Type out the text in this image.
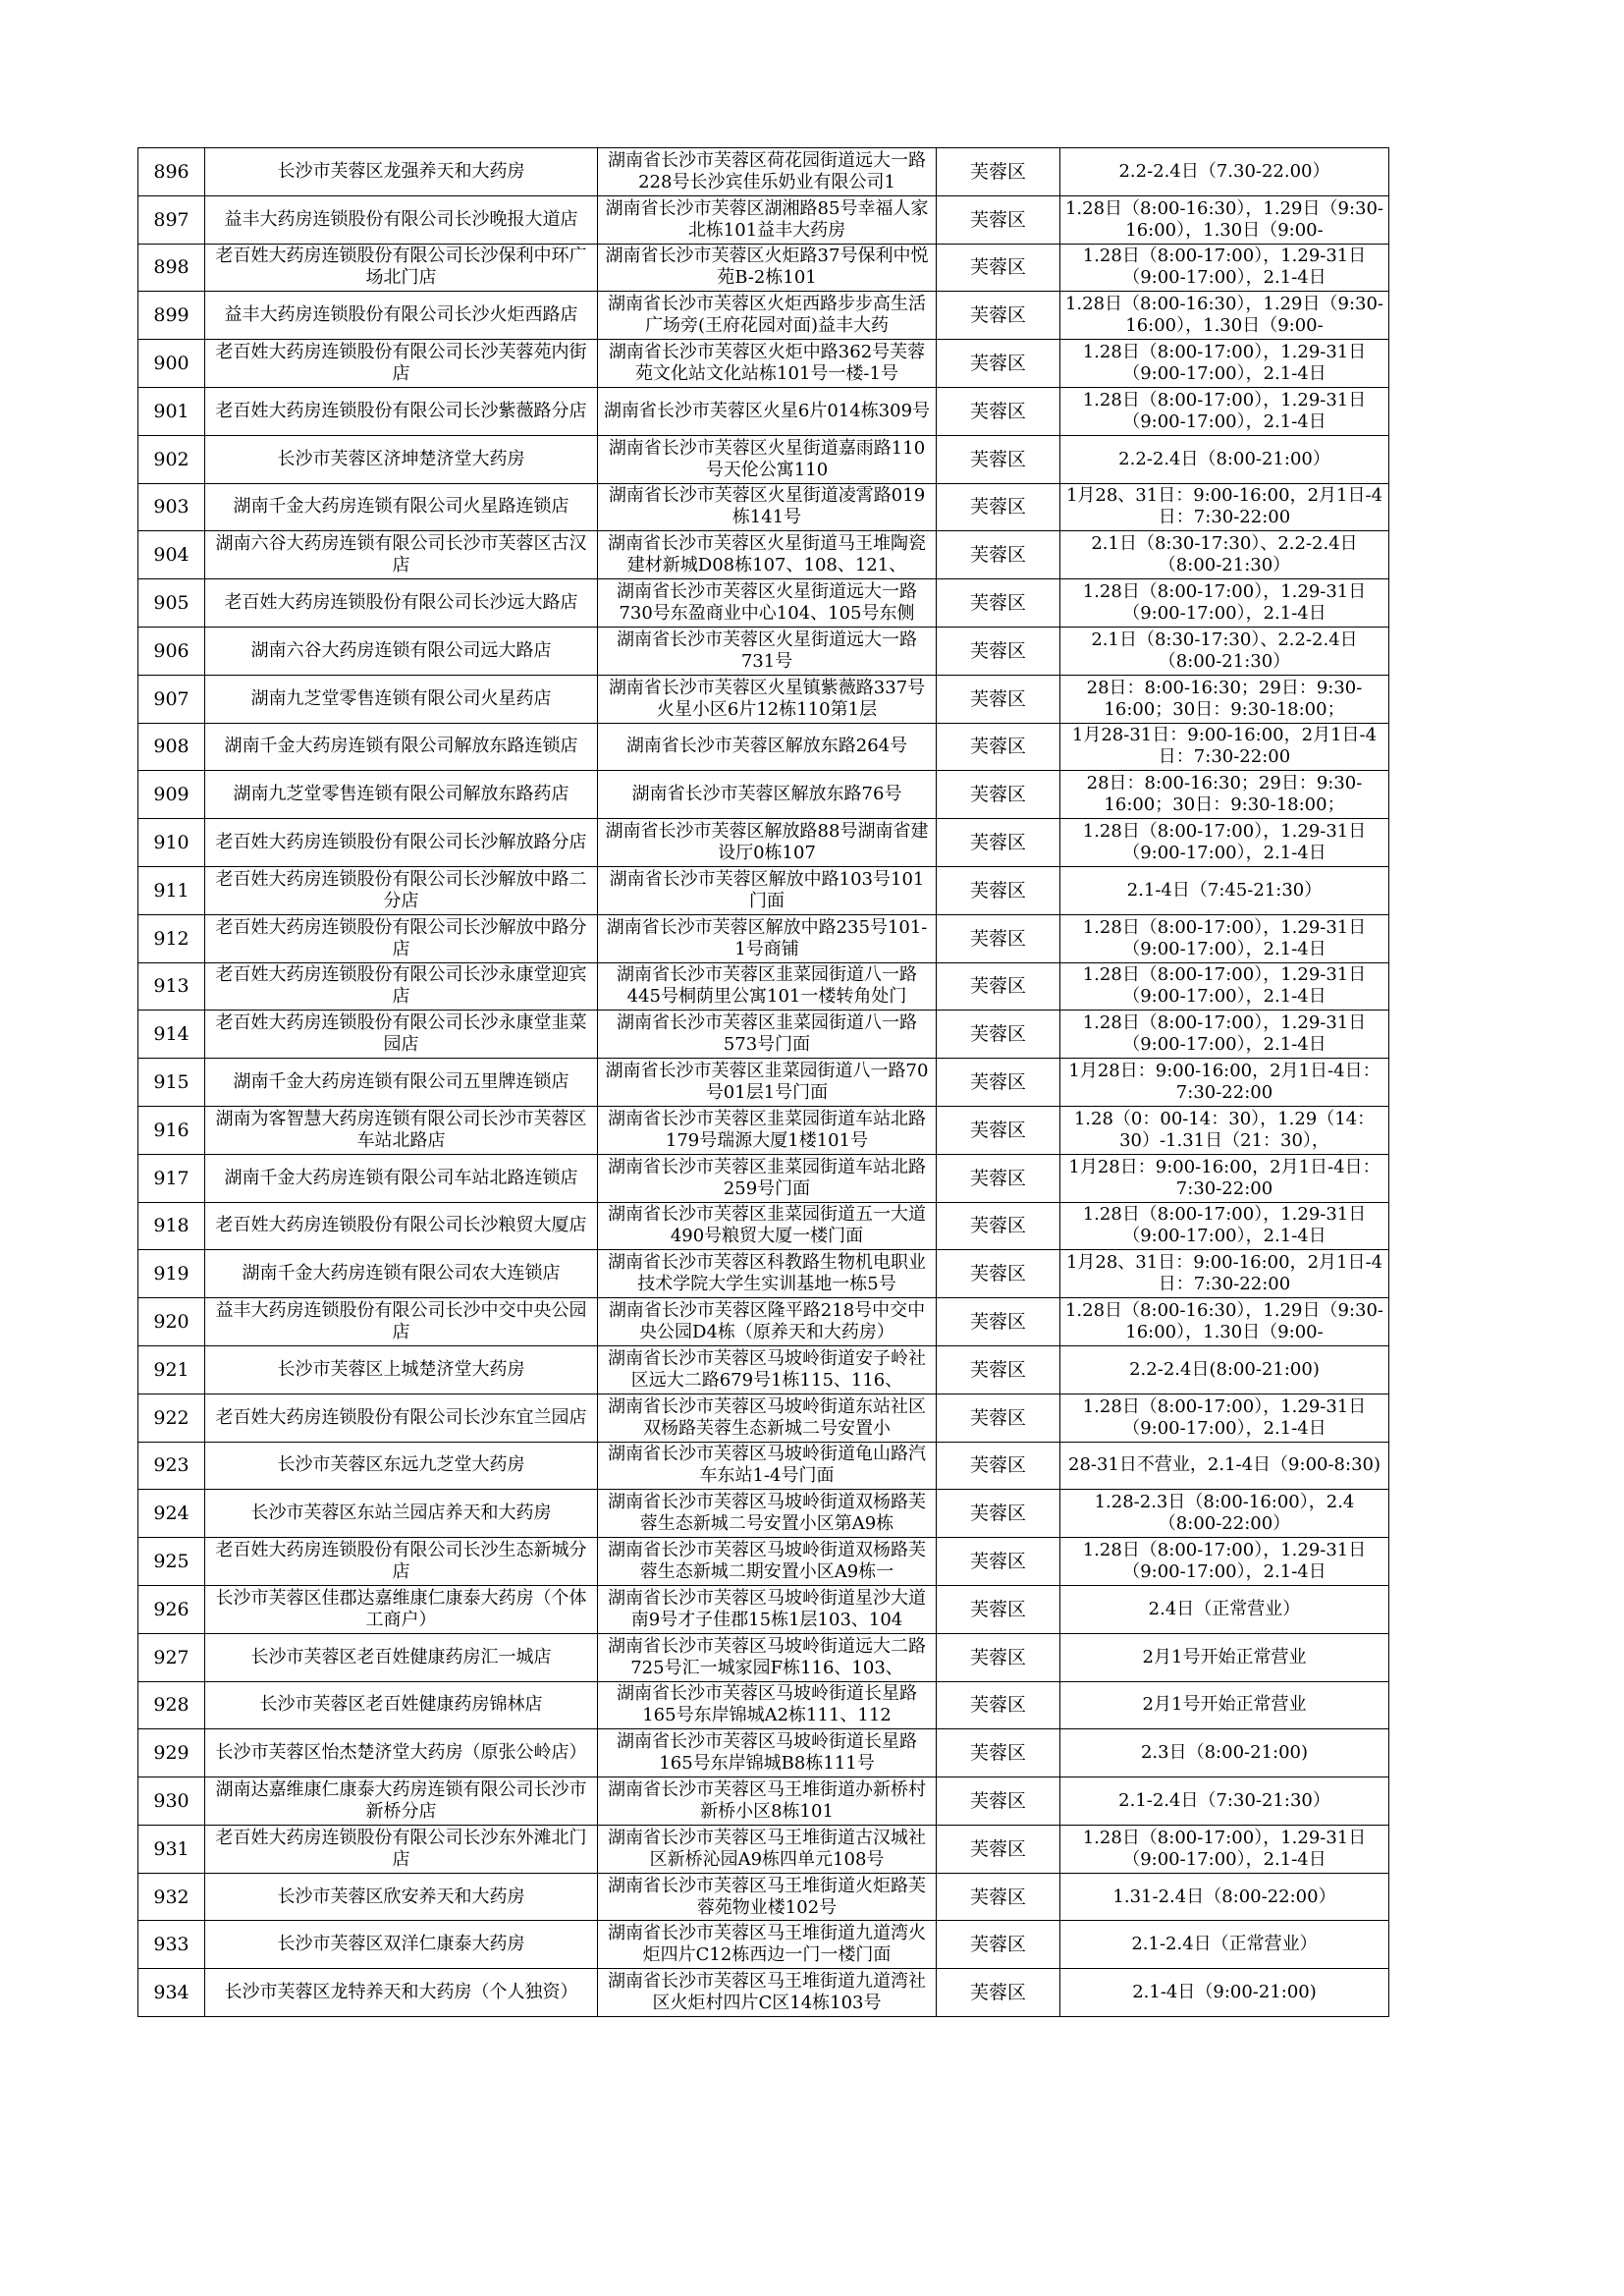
896	长沙市芙蓉区龙强养天和大药房	湖南省长沙市芙蓉区荷花园街道远大一路228号长沙宾佳乐奶业有限公司1	芙蓉区	2.2-2.4日（7.30-22.00）

897	益丰大药房连锁股份有限公司长沙晚报大道店	湖南省长沙市芙蓉区湖湘路85号幸福人家北栋101益丰大药房	芙蓉区	1.28日（8:00-16:30），1.29日（9:30-16:00），1.30日（9:00-

898	老百姓大药房连锁股份有限公司长沙保利中环广场北门店	湖南省长沙市芙蓉区火炬路37号保利中悦苑B-2栋101	芙蓉区	1.28日（8:00-17:00），1.29-31日（9:00-17:00），2.1-4日

899	益丰大药房连锁股份有限公司长沙火炬西路店	湖南省长沙市芙蓉区火炬西路步步高生活广场旁(王府花园对面)益丰大药	芙蓉区	1.28日（8:00-16:30），1.29日（9:30-16:00），1.30日（9:00-

900	老百姓大药房连锁股份有限公司长沙芙蓉苑内街店	湖南省长沙市芙蓉区火炬中路362号芙蓉苑文化站文化站栋101号一楼-1号	芙蓉区	1.28日（8:00-17:00），1.29-31日（9:00-17:00），2.1-4日

901	老百姓大药房连锁股份有限公司长沙紫薇路分店	湖南省长沙市芙蓉区火星6片014栋309号	芙蓉区	1.28日（8:00-17:00），1.29-31日（9:00-17:00），2.1-4日

902	长沙市芙蓉区济坤楚济堂大药房	湖南省长沙市芙蓉区火星街道嘉雨路110号天伦公寓110	芙蓉区	2.2-2.4日（8:00-21:00）

903	湖南千金大药房连锁有限公司火星路连锁店	湖南省长沙市芙蓉区火星街道凌霄路019栋141号	芙蓉区	1月28、31日：9:00-16:00，2月1日-4日：7:30-22:00

904	湖南六谷大药房连锁有限公司长沙市芙蓉区古汉店	湖南省长沙市芙蓉区火星街道马王堆陶瓷建材新城D08栋107、108、121、	芙蓉区	2.1日（8:30-17:30）、2.2-2.4日（8:00-21:30）

905	老百姓大药房连锁股份有限公司长沙远大路店	湖南省长沙市芙蓉区火星街道远大一路730号东盈商业中心104、105号东侧	芙蓉区	1.28日（8:00-17:00），1.29-31日（9:00-17:00），2.1-4日

906	湖南六谷大药房连锁有限公司远大路店	湖南省长沙市芙蓉区火星街道远大一路731号	芙蓉区	2.1日（8:30-17:30）、2.2-2.4日（8:00-21:30）

907	湖南九芝堂零售连锁有限公司火星药店	湖南省长沙市芙蓉区火星镇紫薇路337号火星小区6片12栋110第1层	芙蓉区	28日：8:00-16:30；29日：9:30-16:00；30日：9:30-18:00；

908	湖南千金大药房连锁有限公司解放东路连锁店	湖南省长沙市芙蓉区解放东路264号	芙蓉区	1月28-31日：9:00-16:00，2月1日-4日：7:30-22:00

909	湖南九芝堂零售连锁有限公司解放东路药店	湖南省长沙市芙蓉区解放东路76号	芙蓉区	28日：8:00-16:30；29日：9:30-16:00；30日：9:30-18:00；

910	老百姓大药房连锁股份有限公司长沙解放路分店	湖南省长沙市芙蓉区解放路88号湖南省建设厅0栋107	芙蓉区	1.28日（8:00-17:00），1.29-31日（9:00-17:00），2.1-4日

911	老百姓大药房连锁股份有限公司长沙解放中路二分店	湖南省长沙市芙蓉区解放中路103号101门面	芙蓉区	2.1-4日（7:45-21:30）

912	老百姓大药房连锁股份有限公司长沙解放中路分店	湖南省长沙市芙蓉区解放中路235号101-1号商铺	芙蓉区	1.28日（8:00-17:00），1.29-31日（9:00-17:00），2.1-4日

913	老百姓大药房连锁股份有限公司长沙永康堂迎宾店	湖南省长沙市芙蓉区韭菜园街道八一路445号桐荫里公寓101一楼转角处门	芙蓉区	1.28日（8:00-17:00），1.29-31日（9:00-17:00），2.1-4日

914	老百姓大药房连锁股份有限公司长沙永康堂韭菜园店	湖南省长沙市芙蓉区韭菜园街道八一路573号门面	芙蓉区	1.28日（8:00-17:00），1.29-31日（9:00-17:00），2.1-4日

915	湖南千金大药房连锁有限公司五里牌连锁店	湖南省长沙市芙蓉区韭菜园街道八一路70号01层1号门面	芙蓉区	1月28日：9:00-16:00，2月1日-4日：7:30-22:00

916	湖南为客智慧大药房连锁有限公司长沙市芙蓉区车站北路店	湖南省长沙市芙蓉区韭菜园街道车站北路179号瑞源大厦1楼101号	芙蓉区	1.28（0：00-14：30），1.29（14：30）-1.31日（21：30），

917	湖南千金大药房连锁有限公司车站北路连锁店	湖南省长沙市芙蓉区韭菜园街道车站北路259号门面	芙蓉区	1月28日：9:00-16:00，2月1日-4日：7:30-22:00

918	老百姓大药房连锁股份有限公司长沙粮贸大厦店	湖南省长沙市芙蓉区韭菜园街道五一大道490号粮贸大厦一楼门面	芙蓉区	1.28日（8:00-17:00），1.29-31日（9:00-17:00），2.1-4日

919	湖南千金大药房连锁有限公司农大连锁店	湖南省长沙市芙蓉区科教路生物机电职业技术学院大学生实训基地一栋5号	芙蓉区	1月28、31日：9:00-16:00，2月1日-4日：7:30-22:00

920	益丰大药房连锁股份有限公司长沙中交中央公园店	湖南省长沙市芙蓉区隆平路218号中交中央公园D4栋（原养天和大药房）	芙蓉区	1.28日（8:00-16:30），1.29日（9:30-16:00），1.30日（9:00-

921	长沙市芙蓉区上城楚济堂大药房	湖南省长沙市芙蓉区马坡岭街道安子岭社区远大二路679号1栋115、116、	芙蓉区	2.2-2.4日(8:00-21:00)

922	老百姓大药房连锁股份有限公司长沙东宜兰园店	湖南省长沙市芙蓉区马坡岭街道东站社区双杨路芙蓉生态新城二号安置小	芙蓉区	1.28日（8:00-17:00），1.29-31日（9:00-17:00），2.1-4日

923	长沙市芙蓉区东远九芝堂大药房	湖南省长沙市芙蓉区马坡岭街道龟山路汽车东站1-4号门面	芙蓉区	28-31日不营业，2.1-4日（9:00-8:30)

924	长沙市芙蓉区东站兰园店养天和大药房	湖南省长沙市芙蓉区马坡岭街道双杨路芙蓉生态新城二号安置小区第A9栋	芙蓉区	1.28-2.3日（8:00-16:00），2.4（8:00-22:00）

925	老百姓大药房连锁股份有限公司长沙生态新城分店	湖南省长沙市芙蓉区马坡岭街道双杨路芙蓉生态新城二期安置小区A9栋一	芙蓉区	1.28日（8:00-17:00），1.29-31日（9:00-17:00），2.1-4日

926	长沙市芙蓉区佳郡达嘉维康仁康泰大药房（个体工商户）	湖南省长沙市芙蓉区马坡岭街道星沙大道南9号才子佳郡15栋1层103、104	芙蓉区	2.4日（正常营业）

927	长沙市芙蓉区老百姓健康药房汇一城店	湖南省长沙市芙蓉区马坡岭街道远大二路725号汇一城家园F栋116、103、	芙蓉区	2月1号开始正常营业

928	长沙市芙蓉区老百姓健康药房锦林店	湖南省长沙市芙蓉区马坡岭街道长星路165号东岸锦城A2栋111、112	芙蓉区	2月1号开始正常营业

929	长沙市芙蓉区怡杰楚济堂大药房（原张公岭店）	湖南省长沙市芙蓉区马坡岭街道长星路165号东岸锦城B8栋111号	芙蓉区	2.3日（8:00-21:00)

930	湖南达嘉维康仁康泰大药房连锁有限公司长沙市新桥分店	湖南省长沙市芙蓉区马王堆街道办新桥村新桥小区8栋101	芙蓉区	2.1-2.4日（7:30-21:30）

931	老百姓大药房连锁股份有限公司长沙东外滩北门店	湖南省长沙市芙蓉区马王堆街道古汉城社区新桥沁园A9栋四单元108号	芙蓉区	1.28日（8:00-17:00），1.29-31日（9:00-17:00），2.1-4日

932	长沙市芙蓉区欣安养天和大药房	湖南省长沙市芙蓉区马王堆街道火炬路芙蓉苑物业楼102号	芙蓉区	1.31-2.4日（8:00-22:00）

933	长沙市芙蓉区双洋仁康泰大药房	湖南省长沙市芙蓉区马王堆街道九道湾火炬四片C12栋西边一门一楼门面	芙蓉区	2.1-2.4日（正常营业）

934	长沙市芙蓉区龙特养天和大药房（个人独资）	湖南省长沙市芙蓉区马王堆街道九道湾社区火炬村四片C区14栋103号	芙蓉区	2.1-4日（9:00-21:00)
